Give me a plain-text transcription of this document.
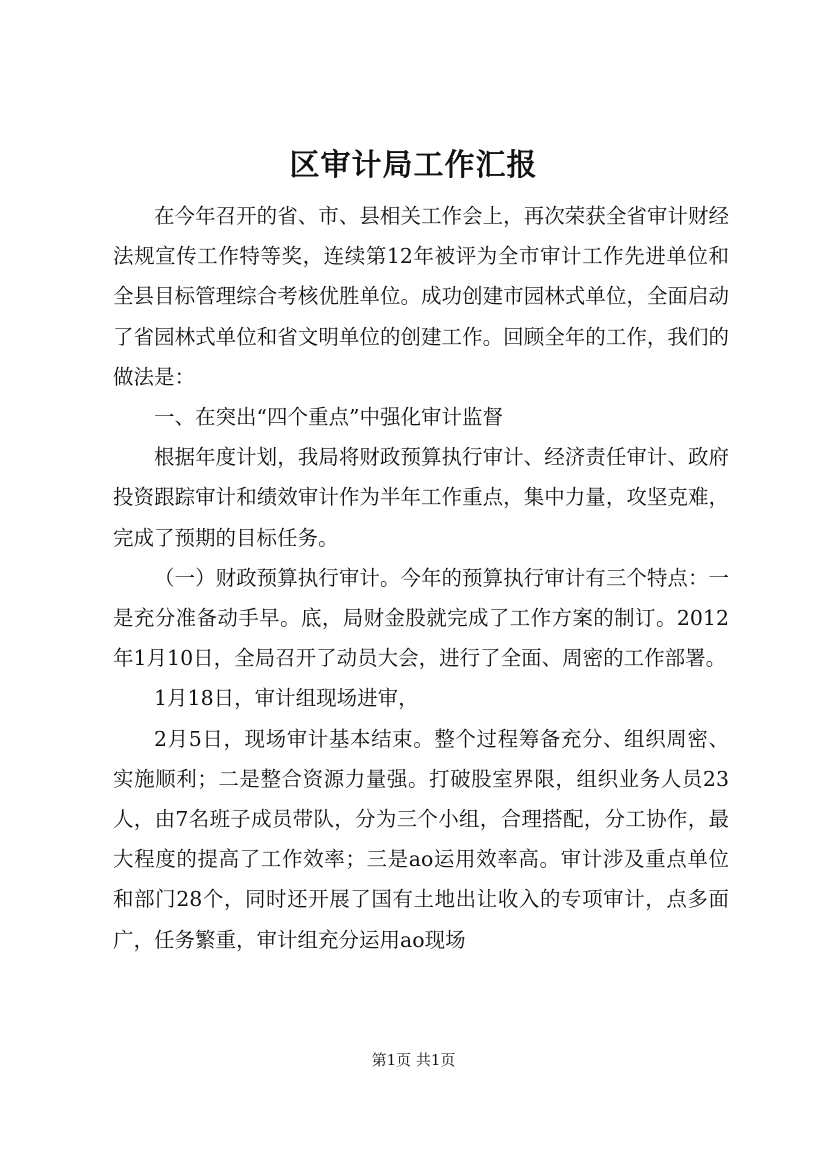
区审计局工作汇报

在今年召开的省、市、县相关工作会上，再次荣获全省审计财经法规宣传工作特等奖，连续第12年被评为全市审计工作先进单位和全县目标管理综合考核优胜单位。成功创建市园林式单位，全面启动了省园林式单位和省文明单位的创建工作。回顾全年的工作，我们的做法是：

一、在突出“四个重点”中强化审计监督

根据年度计划，我局将财政预算执行审计、经济责任审计、政府投资跟踪审计和绩效审计作为半年工作重点，集中力量，攻坚克难，完成了预期的目标任务。

（一）财政预算执行审计。今年的预算执行审计有三个特点：一是充分准备动手早。底，局财金股就完成了工作方案的制订。2012年1月10日，全局召开了动员大会，进行了全面、周密的工作部署。

1月18日，审计组现场进审，

2月5日，现场审计基本结束。整个过程筹备充分、组织周密、实施顺利；二是整合资源力量强。打破股室界限，组织业务人员23人，由7名班子成员带队，分为三个小组，合理搭配，分工协作，最大程度的提高了工作效率；三是ao运用效率高。审计涉及重点单位和部门28个，同时还开展了国有土地出让收入的专项审计，点多面广，任务繁重，审计组充分运用ao现场

第1页 共1页
